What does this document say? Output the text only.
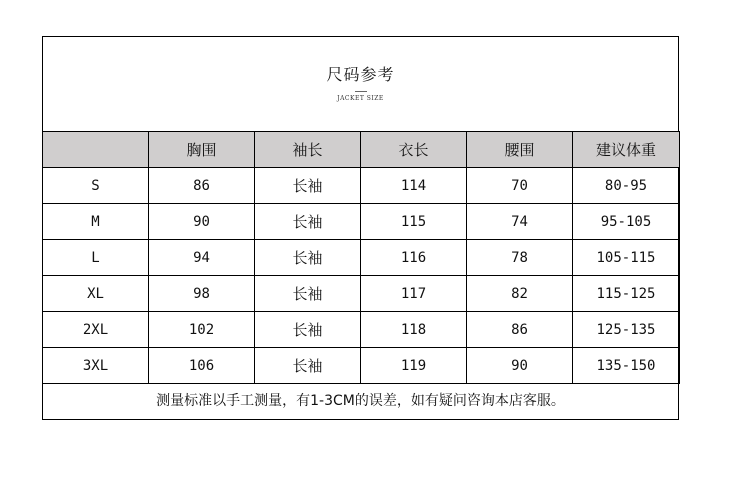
尺码参考
JACKET SIZE
	胸围	袖长	衣长	腰围	建议体重
S	86	长袖	114	70	80-95
M	90	长袖	115	74	95-105
L	94	长袖	116	78	105-115
XL	98	长袖	117	82	115-125
2XL	102	长袖	118	86	125-135
3XL	106	长袖	119	90	135-150
测量标准以手工测量，有1-3CM的误差，如有疑问咨询本店客服。
